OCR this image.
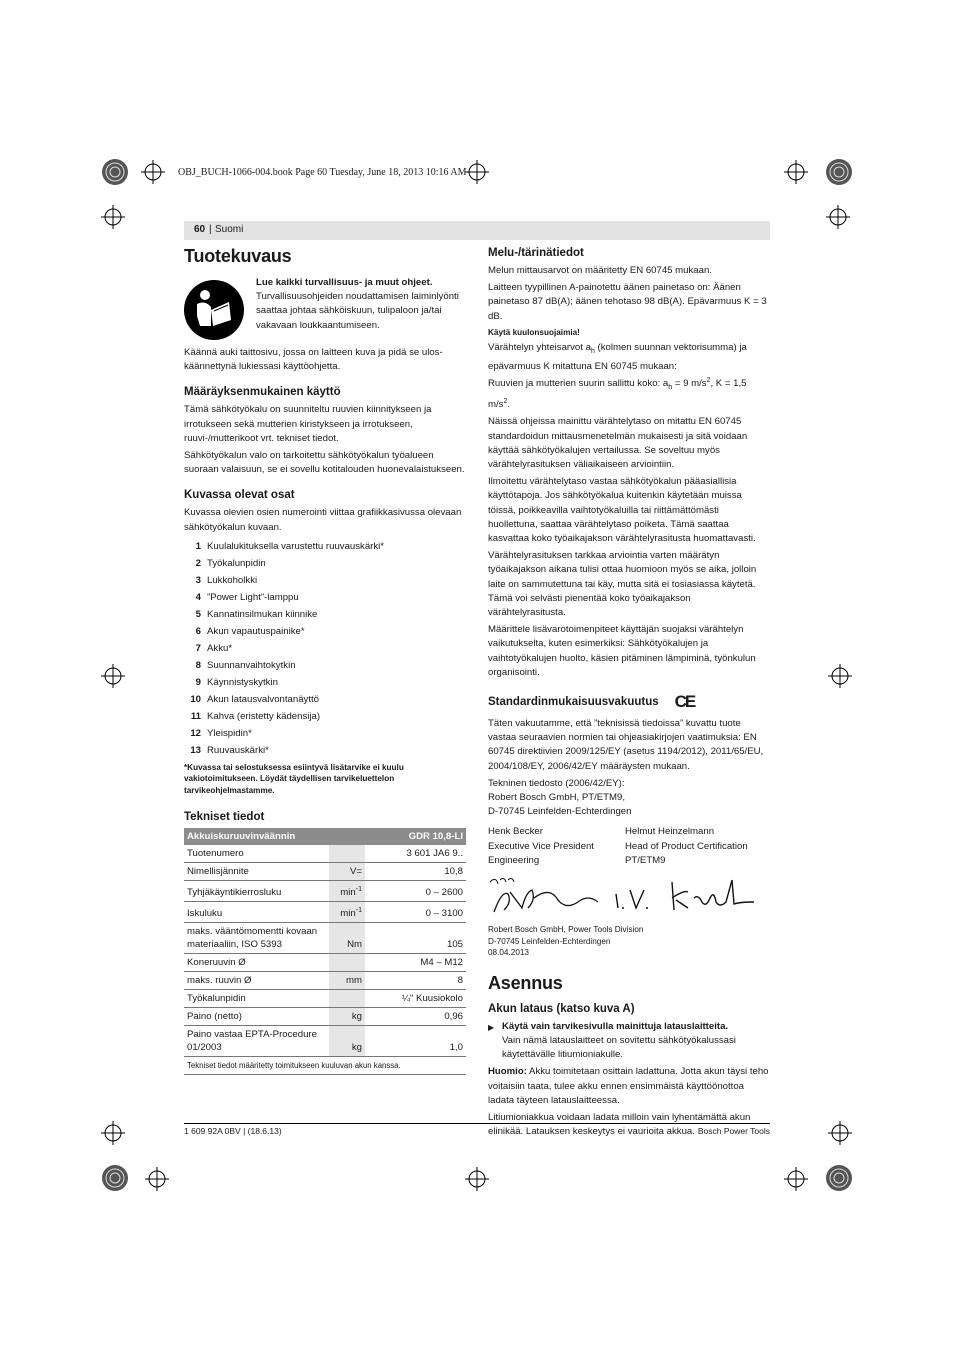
OBJ_BUCH-1066-004.book Page 60 Tuesday, June 18, 2013 10:16 AM
60 | Suomi
Tuotekuvaus

Lue kaikki turvallisuus- ja muut ohjeet. Turvallisuusohjeiden noudattamisen laiminlyönti saattaa johtaa sähköiskuun, tulipaloon ja/tai vakavaan loukkaantumiseen.

Käännä auki taittosivu, jossa on laitteen kuva ja pidä se ulos-käännettynä lukiessasi käyttöohjetta.

Määräyksenmukainen käyttö

Tämä sähkötyökalu on suunniteltu ruuvien kiinnitykseen ja irrotukseen sekä mutterien kiristykseen ja irrotukseen, ruuvi-/mutterikoot vrt. tekniset tiedot.

Sähkötyökalun valo on tarkoitettu sähkötyökalun työalueen suoraan valaisuun, se ei sovellu kotitalouden huonevalaistukseen.

Kuvassa olevat osat

Kuvassa olevien osien numerointi viittaa grafiikkasivussa olevaan sähkötyökalun kuvaan.

1 Kuulalukituksella varustettu ruuvauskärki*
2 Työkalunpidin
3 Lukkoholkki
4 ”Power Light”-lamppu
5 Kannatinsilmukan kiinnike
6 Akun vapautuspainike*
7 Akku*
8 Suunnanvaihtokytkin
9 Käynnistyskytkin
10 Akun latausvalvontanäyttö
11 Kahva (eristetty kädensija)
12 Yleispidin*
13 Ruuvauskärki*

*Kuvassa tai selostuksessa esiintyvä lisätarvike ei kuulu vakiotoimitukseen. Löydät täydellisen tarvikeluettelon tarvikeohjelmastamme.

Tekniset tiedot
Akkuiskuruuvinväännin		GDR 10,8-LI
Tuotenumero		3 601 JA6 9..
Nimellisjännite	V=	10,8
Tyhjäkäyntikierrosluku	$\min^{-1}$	0 – 2600
Iskuluku	$\min^{-1}$	0 – 3100
maks. vääntömomentti kovaan materiaaliin, ISO 5393	Nm	105
Koneruuvin Ø		M4 – M12
maks. ruuvin Ø	mm	8
Työkalunpidin		¼" Kuusiokolo
Paino (netto)	kg	0,96
Paino vastaa EPTA-Procedure 01/2003	kg	1,0
Tekniset tiedot määritetty toimitukseen kuuluvan akun kanssa.		
Melu-/tärinätiedot

Melun mittausarvot on määritetty EN 60745 mukaan.

Laitteen tyypillinen A-painotettu äänen painetaso on: Äänen painetaso 87 dB(A); äänen tehotaso 98 dB(A). Epävarmuus K = 3 dB.

Käytä kuulonsuojaimia!

Värähtelyn yhteisarvot $a_h$ (kolmen suunnan vektorisumma) ja epävarmuus K mitattuna EN 60745 mukaan:
Ruuvien ja mutterien suurin sallittu koko: $a_h = 9$ $m/s^2$, K = 1,5 $m/s^2$.

Näissä ohjeissa mainittu värähtelytaso on mitattu EN 60745 standardoidun mittausmenetelmän mukaisesti ja sitä voidaan käyttää sähkötyökalujen vertailussa. Se soveltuu myös värähtelyrasituksen väliaikaiseen arviointiin.

Ilmoitettu värähtelytaso vastaa sähkötyökalun pääasiallisia käyttötapoja. Jos sähkötyökalua kuitenkin käytetään muissa töissä, poikkeavilla vaihtotyökaluilla tai riittämättömästi huollettuna, saattaa värähtelytaso poiketa. Tämä saattaa kasvattaa koko työaikajakson värähtelyrasitusta huomattavasti.

Värähtelyrasituksen tarkkaa arviointia varten määrätyn työaikajakson aikana tulisi ottaa huomioon myös se aika, jolloin laite on sammutettuna tai käy, mutta sitä ei tosiasiassa käytetä. Tämä voi selvästi pienentää koko työaikajakson värähtelyrasitusta.

Määrittele lisävarotoimenpiteet käyttäjän suojaksi värähtelyn vaikutukselta, kuten esimerkiksi: Sähkötyökalujen ja vaihtotyökalujen huolto, käsien pitäminen lämpiminä, työnkulun organisointi.

Standardinmukaisuusvakuutus CE

Täten vakuutamme, että ”teknisissä tiedoissa” kuvattu tuote vastaa seuraavien normien tai ohjeasiakirjojen vaatimuksia: EN 60745 direktiivien 2009/125/EY (asetus 1194/2012), 2011/65/EU, 2004/108/EY, 2006/42/EY määräysten mukaan.

Tekninen tiedosto (2006/42/EY):

Robert Bosch GmbH, PT/ETM9,

D-70745 Leinfelden-Echterdingen

Henk Becker
Executive Vice President
Engineering
Helmut Heinzelmann
Head of Product Certification
PT/ETM9

Robert Bosch GmbH, Power Tools Division

D-70745 Leinfelden-Echterdingen

08.04.2013

Asennus
Akun lataus (katso kuva A)
▶ Käytä vain tarvikesivulla mainittuja latauslaitteita.
Vain nämä latauslaitteet on sovitettu sähkötyökalussasi käytettävälle litiumioniakulle.

Huomio: Akku toimitetaan osittain ladattuna. Jotta akun täysi teho voitaisiin taata, tulee akku ennen ensimmäistä käyttöönottoa ladata täyteen latauslaitteessa.

Litiumioniakkua voidaan ladata milloin vain lyhentämättä akun elinikää. Latauksen keskeytys ei vaurioita akkua.

1 609 92A 0BV | (18.6.13)	Bosch Power Tools
